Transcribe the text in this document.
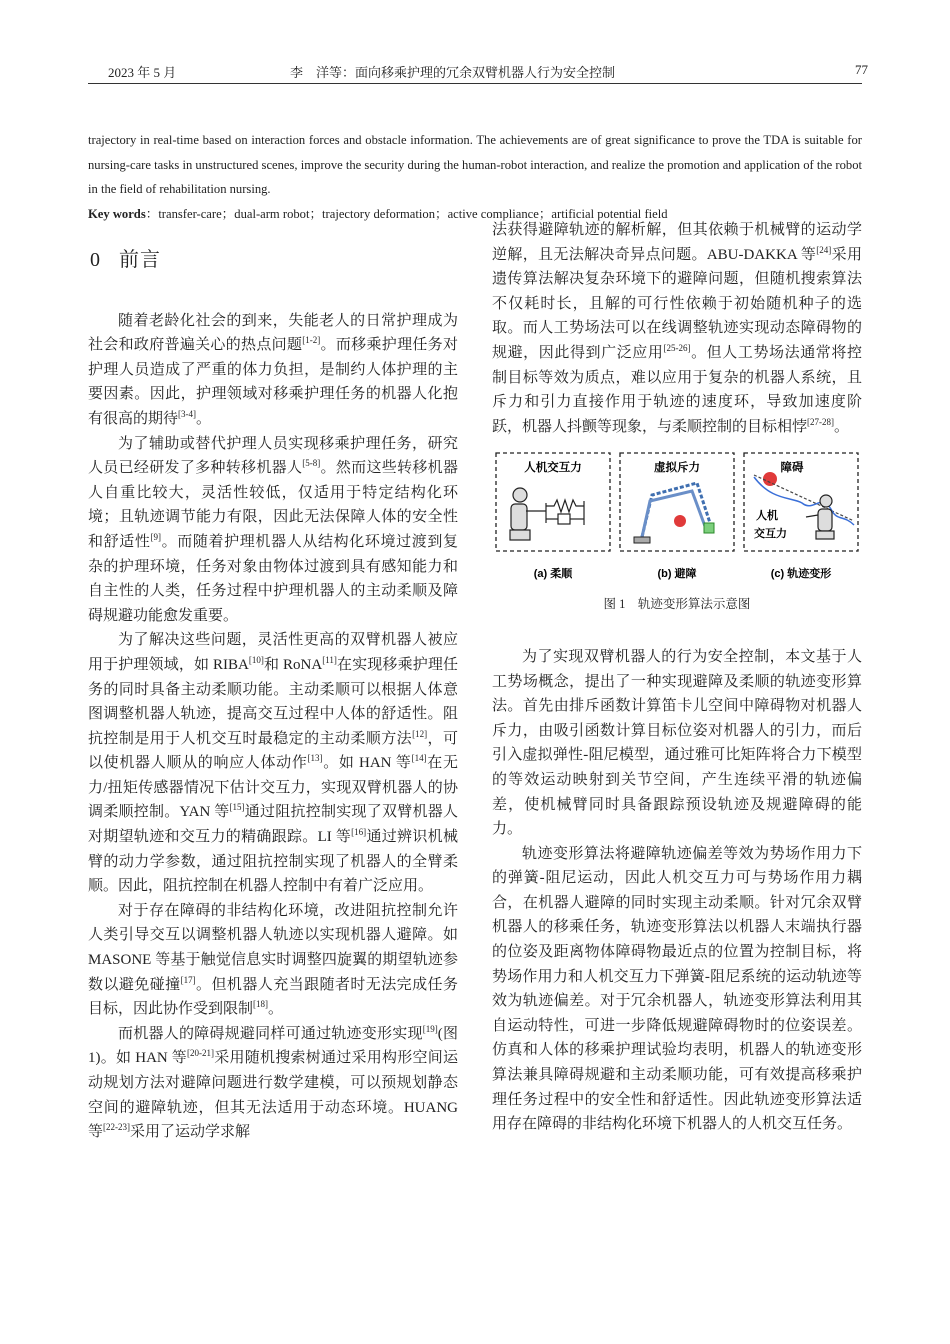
2023 年 5 月	李　洋等：面向移乘护理的冗余双臂机器人行为安全控制	77

trajectory in real-time based on interaction forces and obstacle information. The achievements are of great significance to prove the TDA is suitable for nursing-care tasks in unstructured scenes, improve the security during the human-robot interaction, and realize the promotion and application of the robot in the field of rehabilitation nursing.

Key words：transfer-care；dual-arm robot；trajectory deformation；active compliance；artificial potential field

0 前言

随着老龄化社会的到来，失能老人的日常护理成为社会和政府普遍关心的热点问题[1-2]。而移乘护理任务对护理人员造成了严重的体力负担，是制约人体护理的主要因素。因此，护理领域对移乘护理任务的机器人化抱有很高的期待[3-4]。

为了辅助或替代护理人员实现移乘护理任务，研究人员已经研发了多种转移机器人[5-8]。然而这些转移机器人自重比较大，灵活性较低，仅适用于特定结构化环境；且轨迹调节能力有限，因此无法保障人体的安全性和舒适性[9]。而随着护理机器人从结构化环境过渡到复杂的护理环境，任务对象由物体过渡到具有感知能力和自主性的人类，任务过程中护理机器人的主动柔顺及障碍规避功能愈发重要。

为了解决这些问题，灵活性更高的双臂机器人被应用于护理领域，如 RIBA[10]和 RoNA[11]在实现移乘护理任务的同时具备主动柔顺功能。主动柔顺可以根据人体意图调整机器人轨迹，提高交互过程中人体的舒适性。阻抗控制是用于人机交互时最稳定的主动柔顺方法[12]，可以使机器人顺从的响应人体动作[13]。如 HAN 等[14]在无力/扭矩传感器情况下估计交互力，实现双臂机器人的协调柔顺控制。YAN 等[15]通过阻抗控制实现了双臂机器人对期望轨迹和交互力的精确跟踪。LI 等[16]通过辨识机械臂的动力学参数，通过阻抗控制实现了机器人的全臂柔顺。因此，阻抗控制在机器人控制中有着广泛应用。

对于存在障碍的非结构化环境，改进阻抗控制允许人类引导交互以调整机器人轨迹以实现机器人避障。如 MASONE 等基于触觉信息实时调整四旋翼的期望轨迹参数以避免碰撞[17]。但机器人充当跟随者时无法完成任务目标，因此协作受到限制[18]。

而机器人的障碍规避同样可通过轨迹变形实现[19](图 1)。如 HAN 等[20-21]采用随机搜索树通过采用构形空间运动规划方法对避障问题进行数学建模，可以预规划静态空间的避障轨迹，但其无法适用于动态环境。HUANG 等[22-23]采用了运动学求解

法获得避障轨迹的解析解，但其依赖于机械臂的运动学逆解，且无法解决奇异点问题。ABU-DAKKA 等[24]采用遗传算法解决复杂环境下的避障问题，但随机搜索算法不仅耗时长，且解的可行性依赖于初始随机种子的选取。而人工势场法可以在线调整轨迹实现动态障碍物的规避，因此得到广泛应用[25-26]。但人工势场法通常将控制目标等效为质点，难以应用于复杂的机器人系统，且斥力和引力直接作用于轨迹的速度环，导致加速度阶跃，机器人抖颤等现象，与柔顺控制的目标相悖[27-28]。

人机交互力
(a) 柔顺
虚拟斥力
(b) 避障
障碍
人机
交互力
(c) 轨迹变形
图 1　轨迹变形算法示意图

为了实现双臂机器人的行为安全控制，本文基于人工势场概念，提出了一种实现避障及柔顺的轨迹变形算法。首先由排斥函数计算笛卡儿空间中障碍物对机器人斥力，由吸引函数计算目标位姿对机器人的引力，而后引入虚拟弹性-阻尼模型，通过雅可比矩阵将合力下模型的等效运动映射到关节空间，产生连续平滑的轨迹偏差，使机械臂同时具备跟踪预设轨迹及规避障碍的能力。

轨迹变形算法将避障轨迹偏差等效为势场作用力下的弹簧-阻尼运动，因此人机交互力可与势场作用力耦合，在机器人避障的同时实现主动柔顺。针对冗余双臂机器人的移乘任务，轨迹变形算法以机器人末端执行器的位姿及距离物体障碍物最近点的位置为控制目标，将势场作用力和人机交互力下弹簧-阻尼系统的运动轨迹等效为轨迹偏差。对于冗余机器人，轨迹变形算法利用其自运动特性，可进一步降低规避障碍物时的位姿误差。仿真和人体的移乘护理试验均表明，机器人的轨迹变形算法兼具障碍规避和主动柔顺功能，可有效提高移乘护理任务过程中的安全性和舒适性。因此轨迹变形算法适用存在障碍的非结构化环境下机器人的人机交互任务。
